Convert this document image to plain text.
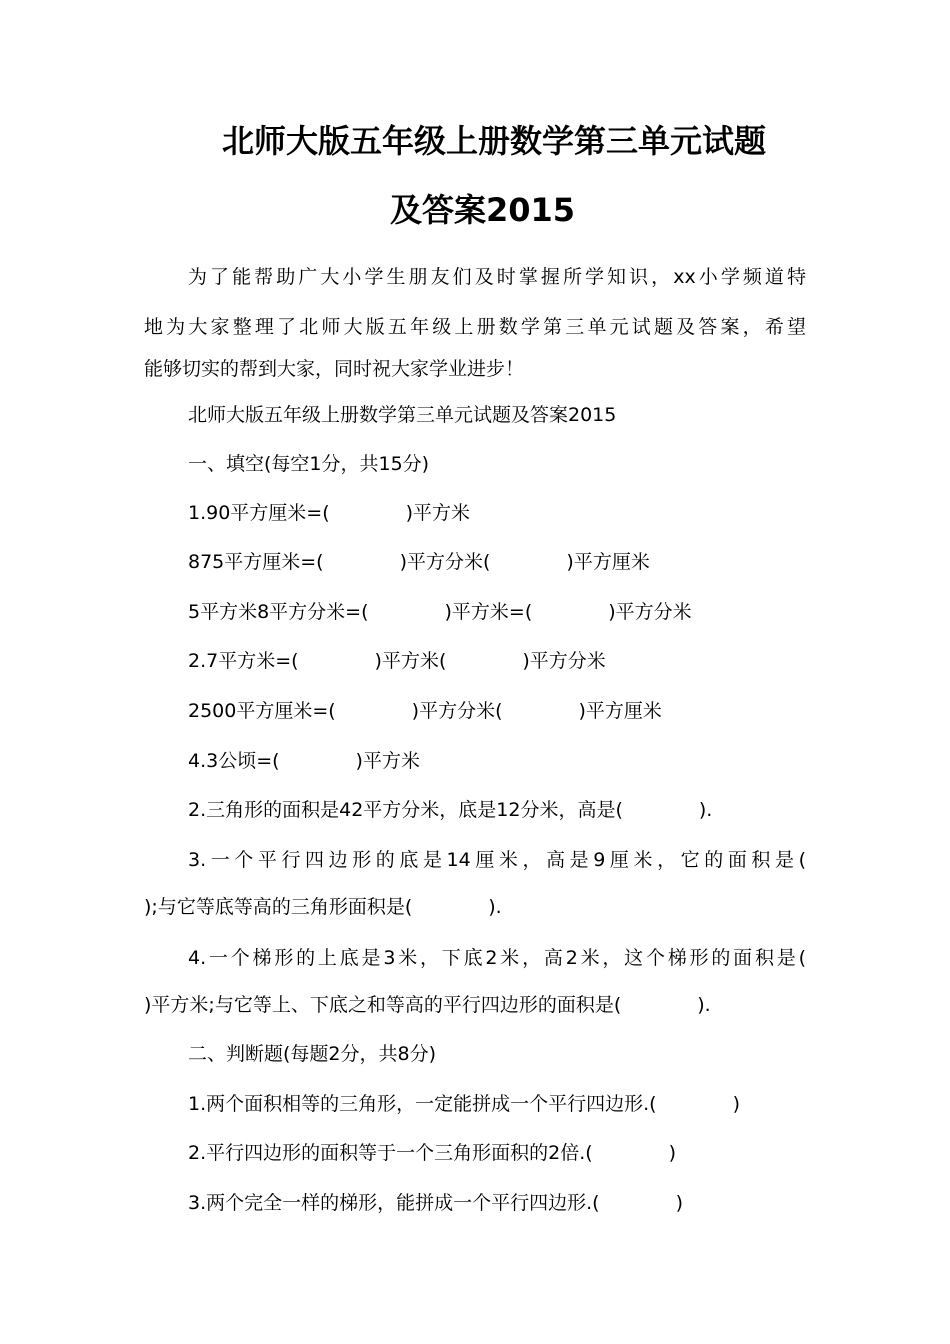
北师大版五年级上册数学第三单元试题
及答案2015
为了能帮助广大小学生朋友们及时掌握所学知识，xx小学频道特
地为大家整理了北师大版五年级上册数学第三单元试题及答案，希望
能够切实的帮到大家，同时祝大家学业进步！
北师大版五年级上册数学第三单元试题及答案2015
一、填空(每空1分，共15分)
1.90平方厘米=(　　　　)平方米
875平方厘米=(　　　　)平方分米(　　　　)平方厘米
5平方米8平方分米=(　　　　)平方米=(　　　　)平方分米
2.7平方米=(　　　　)平方米(　　　　)平方分米
2500平方厘米=(　　　　)平方分米(　　　　)平方厘米
4.3公顷=(　　　　)平方米
2.三角形的面积是42平方分米，底是12分米，高是(　　　　).
3.一个平行四边形的底是14厘米，高是9厘米，它的面积是(
);与它等底等高的三角形面积是(　　　　).
4.一个梯形的上底是3米，下底2米，高2米，这个梯形的面积是(
)平方米;与它等上、下底之和等高的平行四边形的面积是(　　　　).
二、判断题(每题2分，共8分)
1.两个面积相等的三角形，一定能拼成一个平行四边形.(　　　　)
2.平行四边形的面积等于一个三角形面积的2倍.(　　　　)
3.两个完全一样的梯形，能拼成一个平行四边形.(　　　　)
